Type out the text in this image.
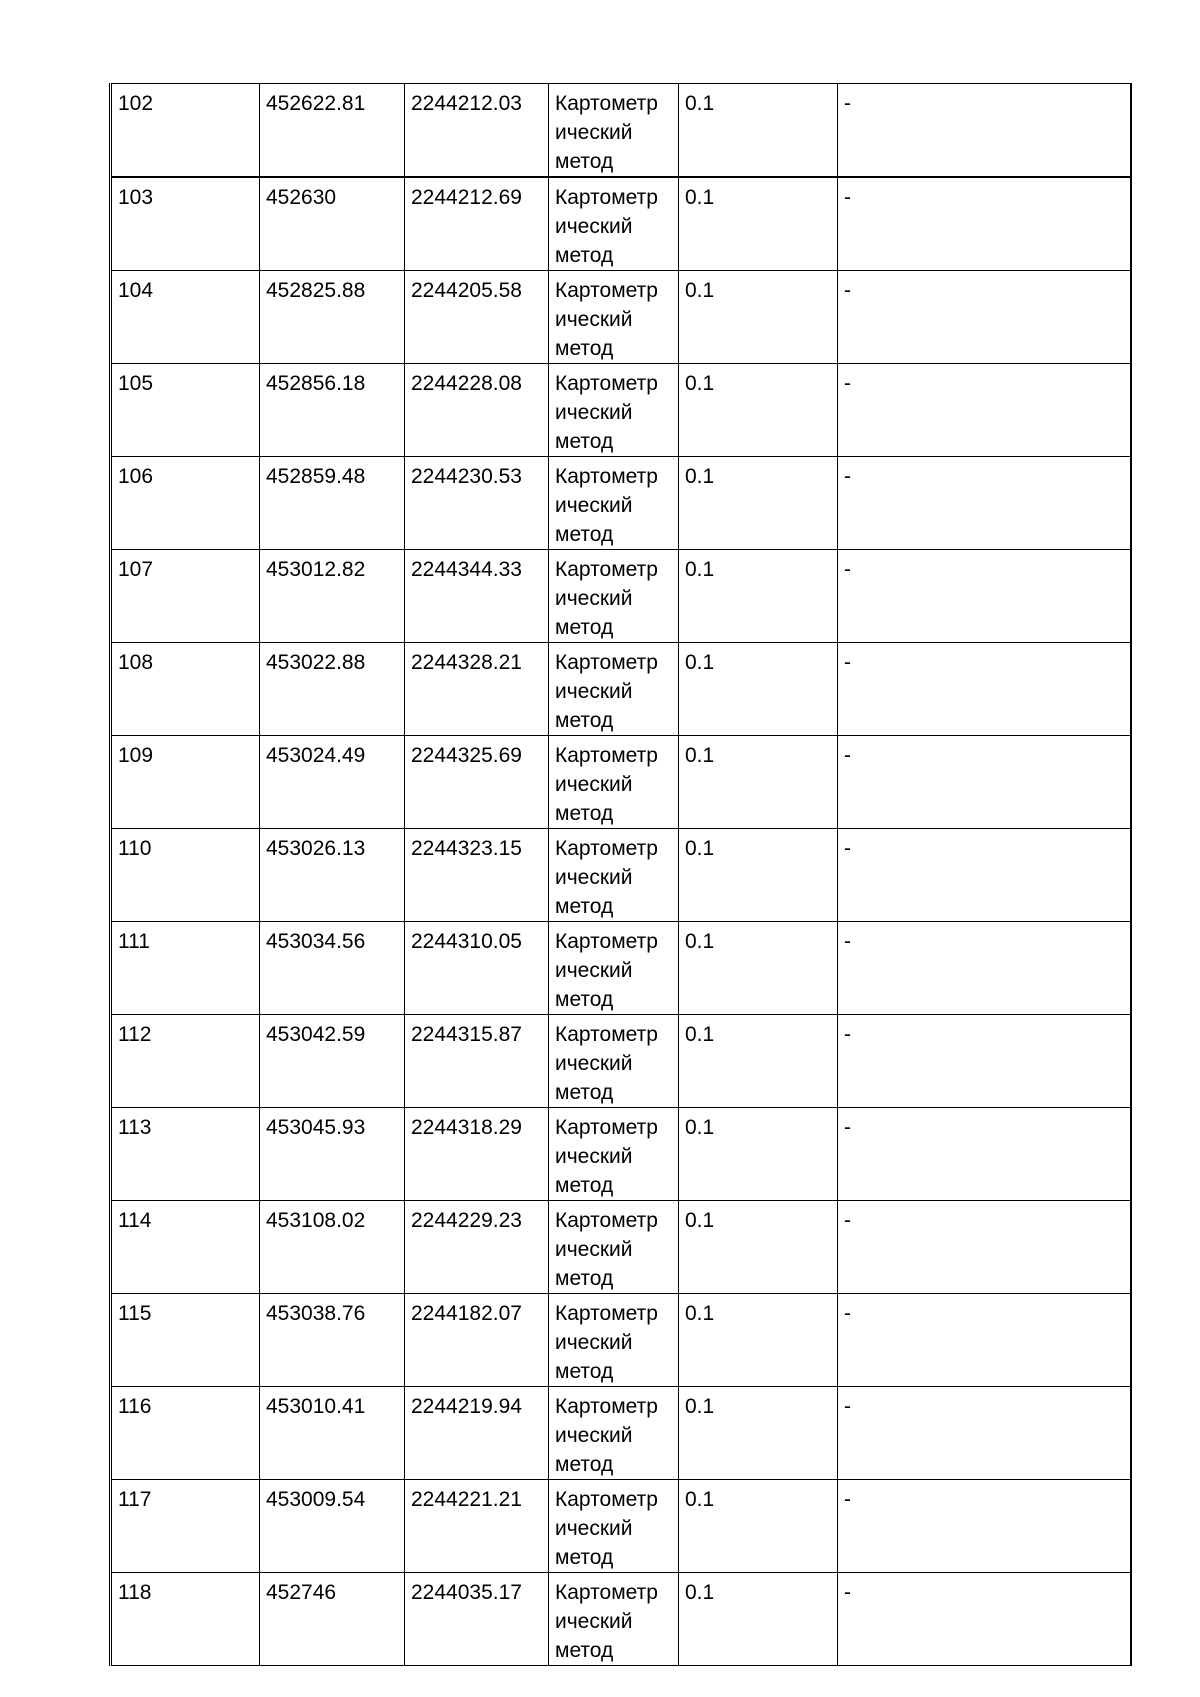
102	452622.81	2244212.03	Картометр
ический
метод	0.1	-
103	452630	2244212.69	Картометр
ический
метод	0.1	-
104	452825.88	2244205.58	Картометр
ический
метод	0.1	-
105	452856.18	2244228.08	Картометр
ический
метод	0.1	-
106	452859.48	2244230.53	Картометр
ический
метод	0.1	-
107	453012.82	2244344.33	Картометр
ический
метод	0.1	-
108	453022.88	2244328.21	Картометр
ический
метод	0.1	-
109	453024.49	2244325.69	Картометр
ический
метод	0.1	-
110	453026.13	2244323.15	Картометр
ический
метод	0.1	-
111	453034.56	2244310.05	Картометр
ический
метод	0.1	-
112	453042.59	2244315.87	Картометр
ический
метод	0.1	-
113	453045.93	2244318.29	Картометр
ический
метод	0.1	-
114	453108.02	2244229.23	Картометр
ический
метод	0.1	-
115	453038.76	2244182.07	Картометр
ический
метод	0.1	-
116	453010.41	2244219.94	Картометр
ический
метод	0.1	-
117	453009.54	2244221.21	Картометр
ический
метод	0.1	-
118	452746	2244035.17	Картометр
ический
метод	0.1	-
